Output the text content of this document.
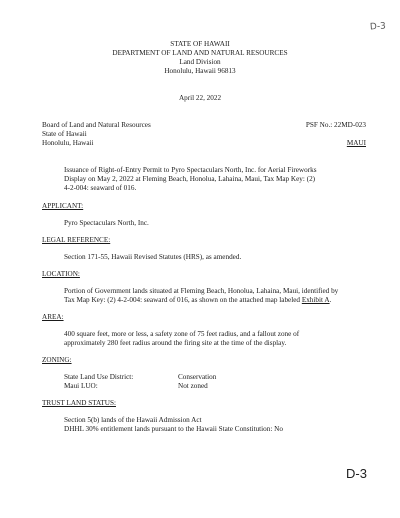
D-3
STATE OF HAWAII
DEPARTMENT OF LAND AND NATURAL RESOURCES
Land Division
Honolulu, Hawaii 96813
April 22, 2022
Board of Land and Natural Resources
State of Hawaii
Honolulu, Hawaii
PSF No.: 22MD-023
MAUI
Issuance of Right-of-Entry Permit to Pyro Spectaculars North, Inc. for Aerial Fireworks
Display on May 2, 2022 at Fleming Beach, Honolua, Lahaina, Maui, Tax Map Key: (2)
4-2-004: seaward of 016.
APPLICANT:
Pyro Spectaculars North, Inc.
LEGAL REFERENCE:
Section 171-55, Hawaii Revised Statutes (HRS), as amended.
LOCATION:
Portion of Government lands situated at Fleming Beach, Honolua, Lahaina, Maui, identified by
Tax Map Key: (2) 4-2-004: seaward of 016, as shown on the attached map labeled Exhibit A.
AREA:
400 square feet, more or less, a safety zone of 75 feet radius, and a fallout zone of
approximately 280 feet radius around the firing site at the time of the display.
ZONING:
State Land Use District:	Conservation
Maui LUO:	Not zoned
TRUST LAND STATUS:
Section 5(b) lands of the Hawaii Admission Act
DHHL 30% entitlement lands pursuant to the Hawaii State Constitution: No
D-3
